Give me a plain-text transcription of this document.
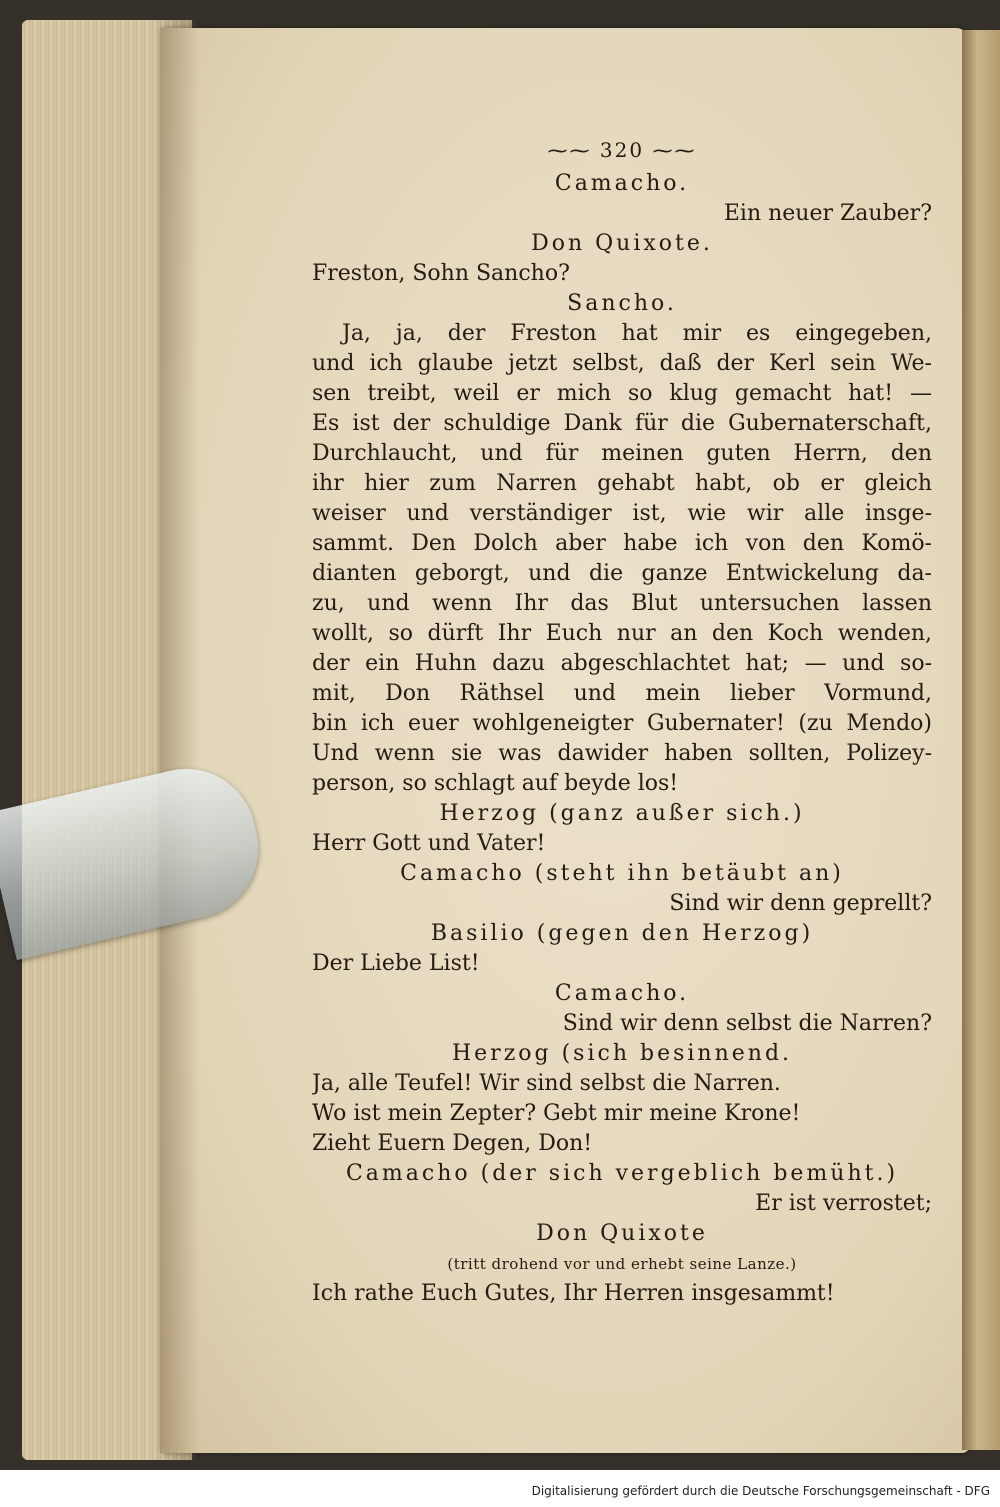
⁓⁓ 320 ⁓⁓
Camacho.
Ein neuer Zauber?
Don Quixote.
Freston, Sohn Sancho?
Sancho.
Ja, ja, der Freston hat mir es eingegeben,
und ich glaube jetzt selbst, daß der Kerl sein We-
sen treibt, weil er mich so klug gemacht hat! —
Es ist der schuldige Dank für die Gubernaterschaft,
Durchlaucht, und für meinen guten Herrn, den
ihr hier zum Narren gehabt habt, ob er gleich
weiser und verständiger ist, wie wir alle insge-
sammt. Den Dolch aber habe ich von den Komö-
dianten geborgt, und die ganze Entwickelung da-
zu, und wenn Ihr das Blut untersuchen lassen
wollt, so dürft Ihr Euch nur an den Koch wenden,
der ein Huhn dazu abgeschlachtet hat; — und so-
mit, Don Räthsel und mein lieber Vormund,
bin ich euer wohlgeneigter Gubernater! (zu Mendo)
Und wenn sie was dawider haben sollten, Polizey-
person, so schlagt auf beyde los!
Herzog (ganz außer sich.)
Herr Gott und Vater!
Camacho (steht ihn betäubt an)
Sind wir denn geprellt?
Basilio (gegen den Herzog)
Der Liebe List!
Camacho.
Sind wir denn selbst die Narren?
Herzog (sich besinnend.
Ja, alle Teufel! Wir sind selbst die Narren.
Wo ist mein Zepter? Gebt mir meine Krone!
Zieht Euern Degen, Don!
Camacho (der sich vergeblich bemüht.)
Er ist verrostet;
Don Quixote
(tritt drohend vor und erhebt seine Lanze.)
Ich rathe Euch Gutes, Ihr Herren insgesammt!
Digitalisierung gefördert durch die Deutsche Forschungsgemeinschaft - DFG
